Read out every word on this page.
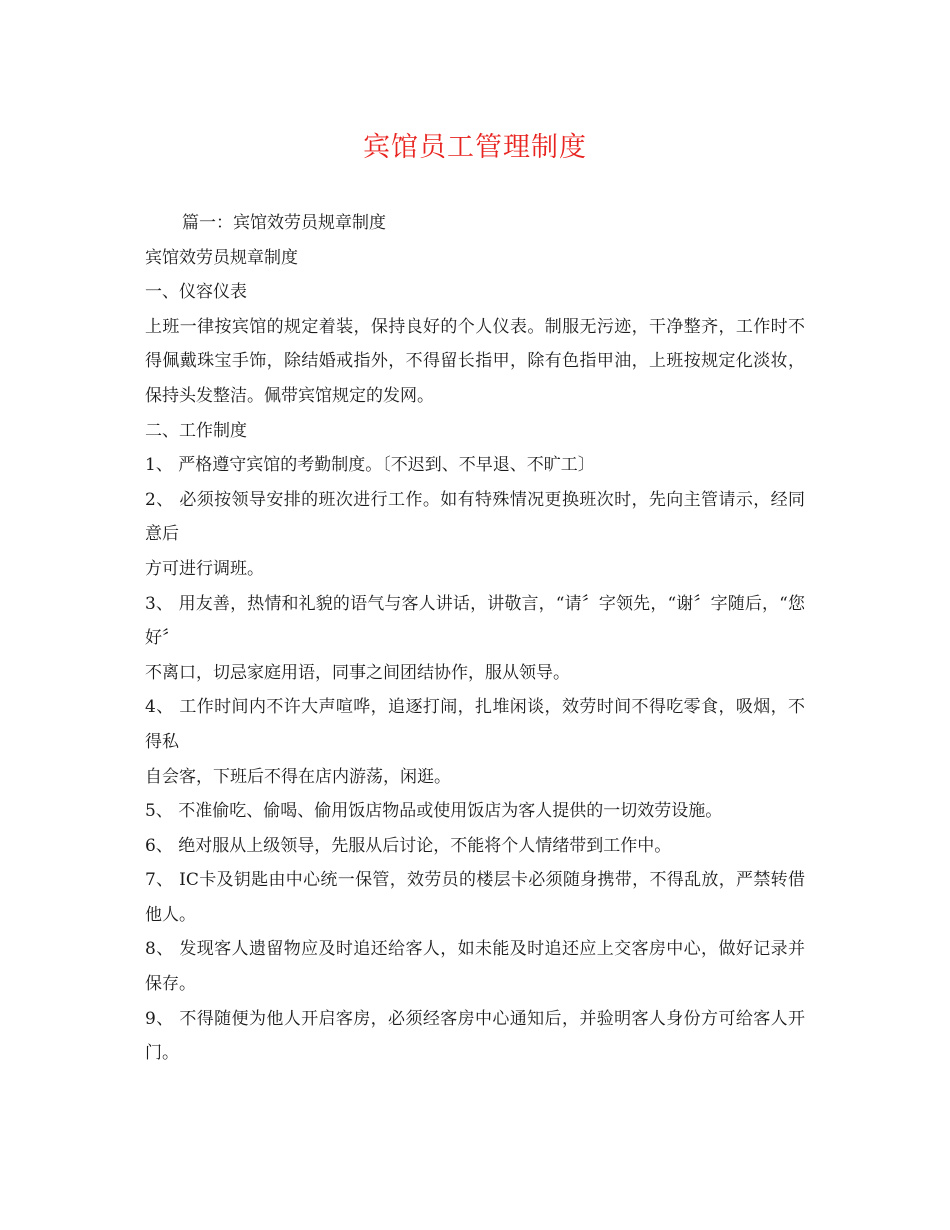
宾馆员工管理制度

篇一：宾馆效劳员规章制度

宾馆效劳员规章制度

一、仪容仪表

上班一律按宾馆的规定着装，保持良好的个人仪表。制服无污迹，干净整齐，工作时不得佩戴珠宝手饰，除结婚戒指外，不得留长指甲，除有色指甲油，上班按规定化淡妆，保持头发整洁。佩带宾馆规定的发网。

二、工作制度

1、 严格遵守宾馆的考勤制度。〔不迟到、不早退、不旷工〕

2、 必须按领导安排的班次进行工作。如有特殊情况更换班次时，先向主管请示，经同意后

方可进行调班。

3、 用友善，热情和礼貌的语气与客人讲话，讲敬言，“请〞字领先，“谢〞字随后，“您好〞

不离口，切忌家庭用语，同事之间团结协作，服从领导。

4、 工作时间内不许大声喧哗，追逐打闹，扎堆闲谈，效劳时间不得吃零食，吸烟，不得私

自会客，下班后不得在店内游荡，闲逛。

5、 不准偷吃、偷喝、偷用饭店物品或使用饭店为客人提供的一切效劳设施。

6、 绝对服从上级领导，先服从后讨论，不能将个人情绪带到工作中。

7、 IC卡及钥匙由中心统一保管，效劳员的楼层卡必须随身携带，不得乱放，严禁转借他人。

8、 发现客人遗留物应及时追还给客人，如未能及时追还应上交客房中心，做好记录并保存。

9、 不得随便为他人开启客房，必须经客房中心通知后，并验明客人身份方可给客人开门。
